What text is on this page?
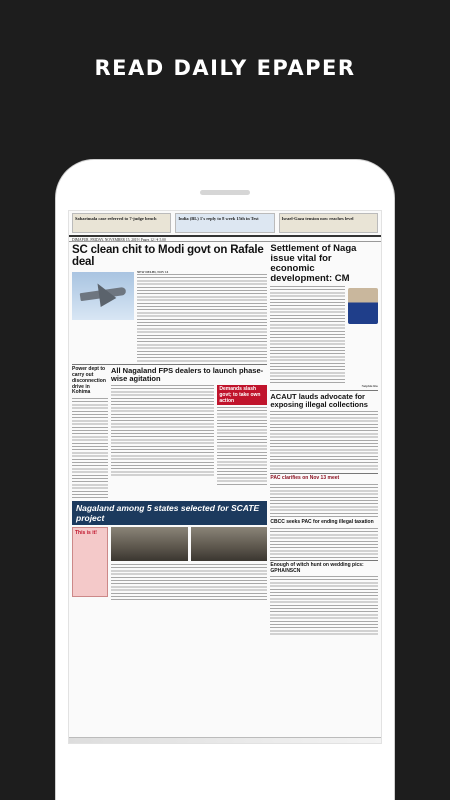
READ DAILY EPAPER
Sabarimala case referred to 7-judge bench	India (BL) 1's reply to 8 week 15th in Test	Israel-Gaza tension now reaches level
DIMAPUR, FRIDAY, NOVEMBER 15, 2019 | Pages 12 | ₹ 5.00
SC clean chit to Modi govt on Rafale deal
NEW DELHI, NOV 14
Power dept to carry out disconnection drive in Kohima
All Nagaland FPS dealers to launch phase-wise agitation
Demands slash govt; to take own action
Nagaland among 5 states selected for SCATE project
This is it!
Settlement of Naga issue vital for economic development: CM
Neiphiu Rio
ACAUT lauds advocate for exposing illegal collections
PAC clarifies on Nov 13 meet
CBCC seeks PAC for ending illegal taxation
Enough of witch hunt on wedding pics: GPHA/NSCN
